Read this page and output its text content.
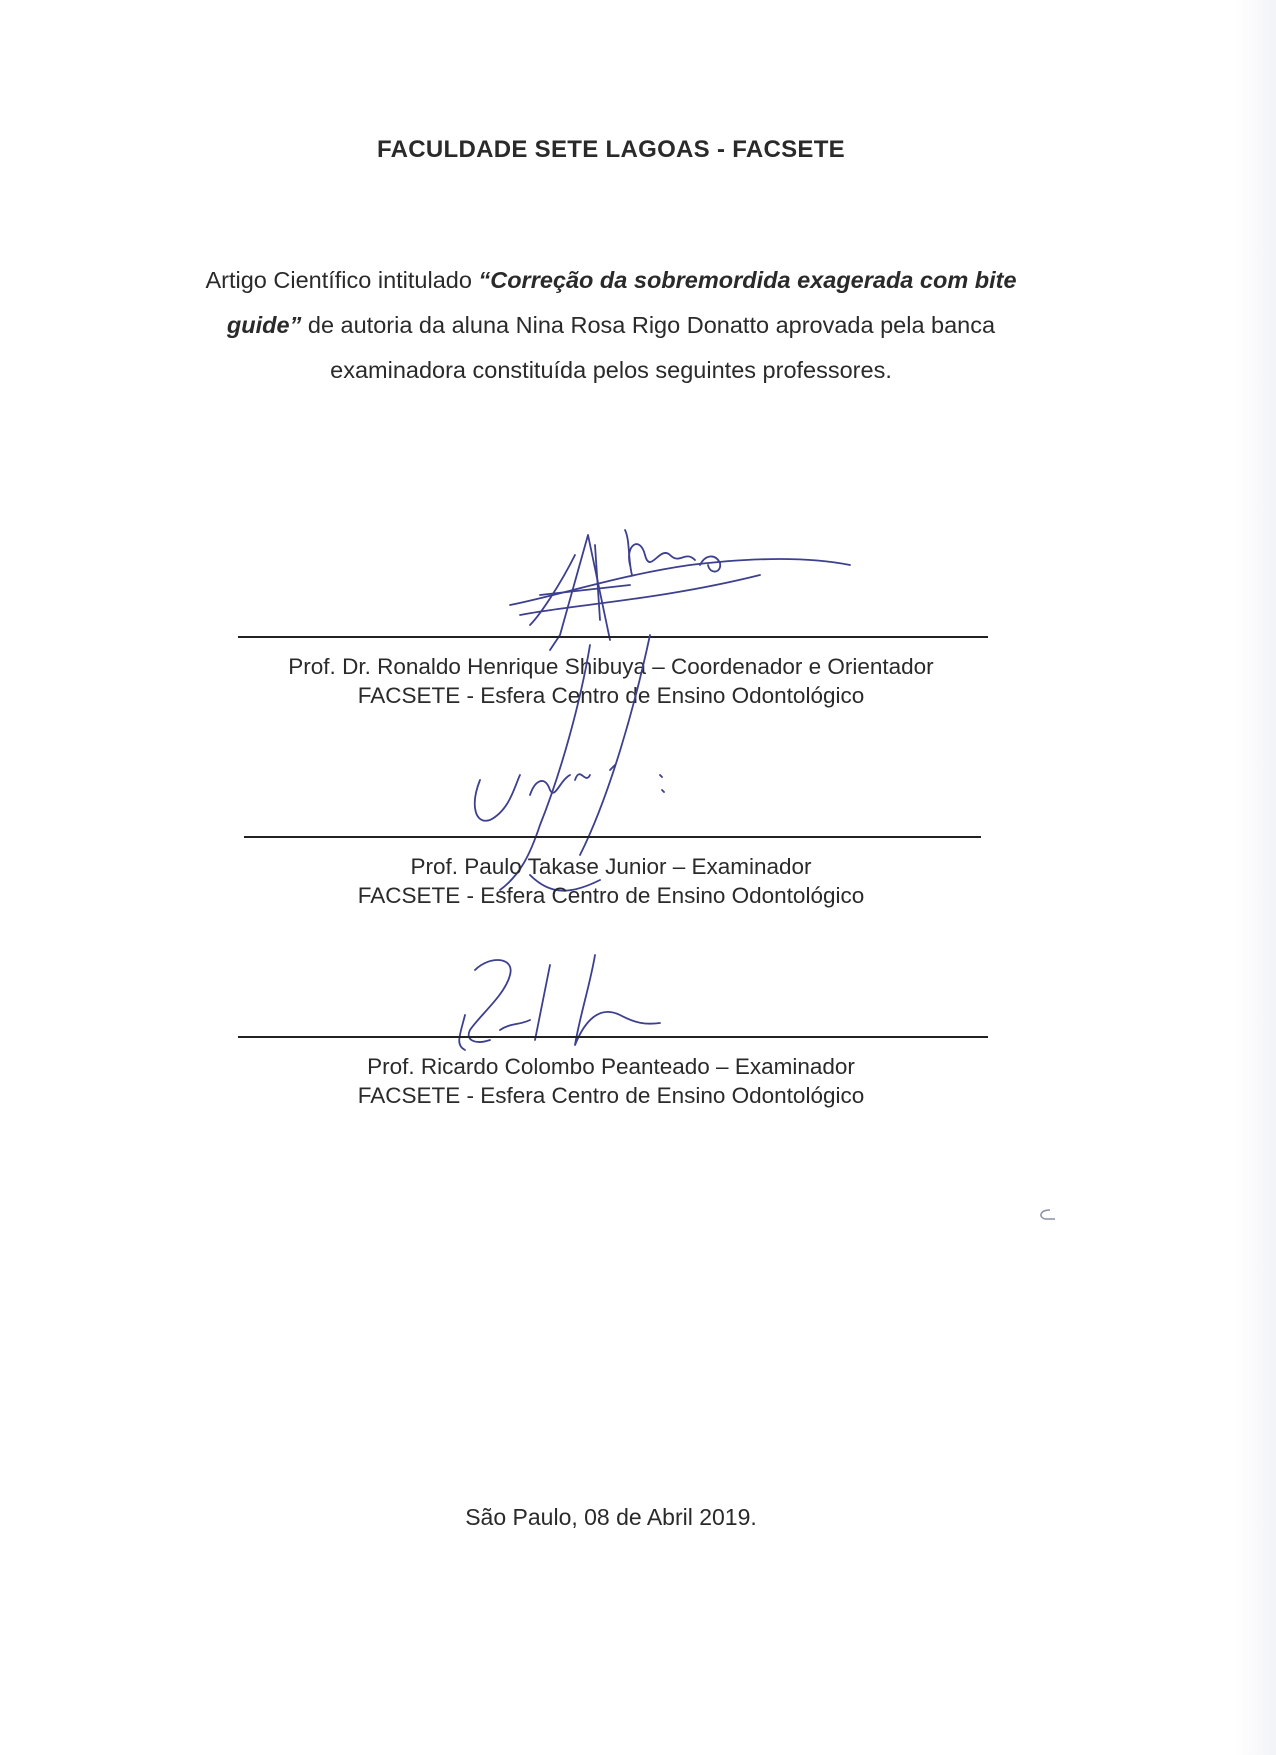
FACULDADE SETE LAGOAS - FACSETE
Artigo Científico intitulado “Correção da sobremordida exagerada com bite guide” de autoria da aluna Nina Rosa Rigo Donatto aprovada pela banca examinadora constituída pelos seguintes professores.
Prof. Dr. Ronaldo Henrique Shibuya – Coordenador e Orientador
FACSETE - Esfera Centro de Ensino Odontológico
Prof. Paulo Takase Junior – Examinador
FACSETE - Esfera Centro de Ensino Odontológico
Prof. Ricardo Colombo Peanteado – Examinador
FACSETE - Esfera Centro de Ensino Odontológico
São Paulo, 08 de Abril 2019.
